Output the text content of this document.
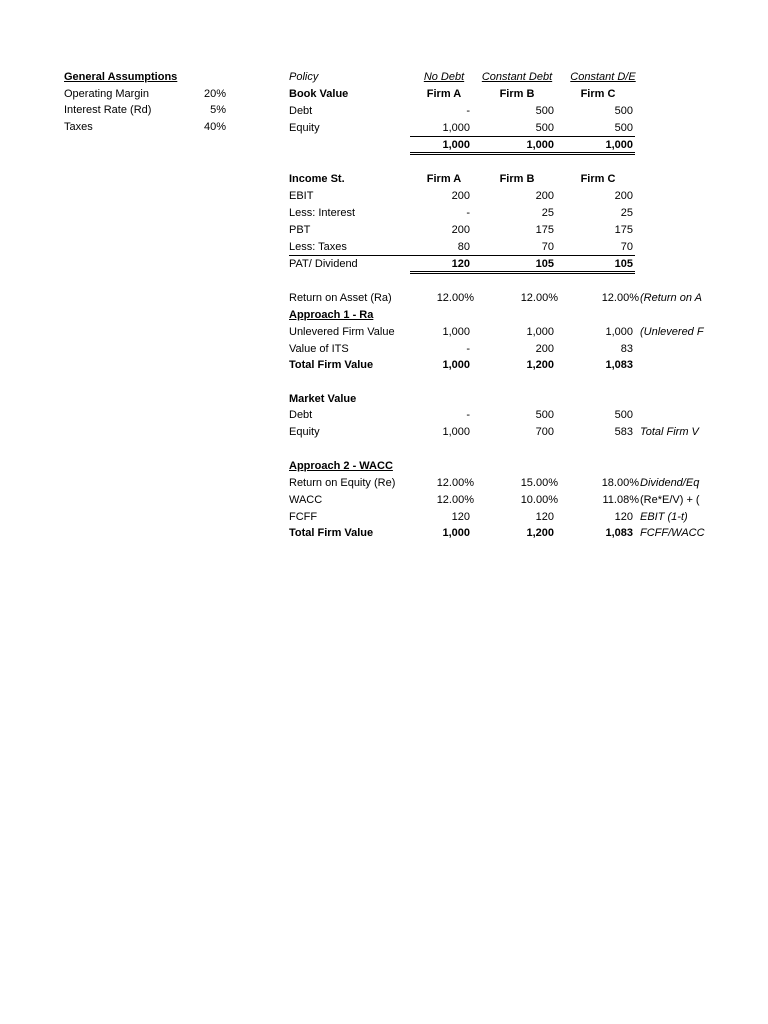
General Assumptions
Operating Margin	20%
Interest Rate (Rd)	5%
Taxes	40%
Policy	No Debt	Constant Debt	Constant D/E
Book Value	Firm A	Firm B	Firm C
Debt	-	500	500
Equity	1,000	500	500
1,000	1,000	1,000
Income St.	Firm A	Firm B	Firm C
EBIT	200	200	200
Less: Interest	-	25	25
PBT	200	175	175
Less: Taxes	80	70	70
PAT/ Dividend	120	105	105
Return on Asset (Ra)	12.00%	12.00%	12.00% (Return on A
Approach 1 - Ra
Unlevered Firm Value	1,000	1,000	1,000 (Unlevered F
Value of ITS	-	200	83
Total Firm Value	1,000	1,200	1,083
Market Value
Debt	-	500	500
Equity	1,000	700	583 Total Firm V
Approach 2 - WACC
Return on Equity (Re)	12.00%	15.00%	18.00% Dividend/Eq
WACC	12.00%	10.00%	11.08% (Re*E/V) + (
FCFF	120	120	120 EBIT (1-t)
Total Firm Value	1,000	1,200	1,083 FCFF/WACC
